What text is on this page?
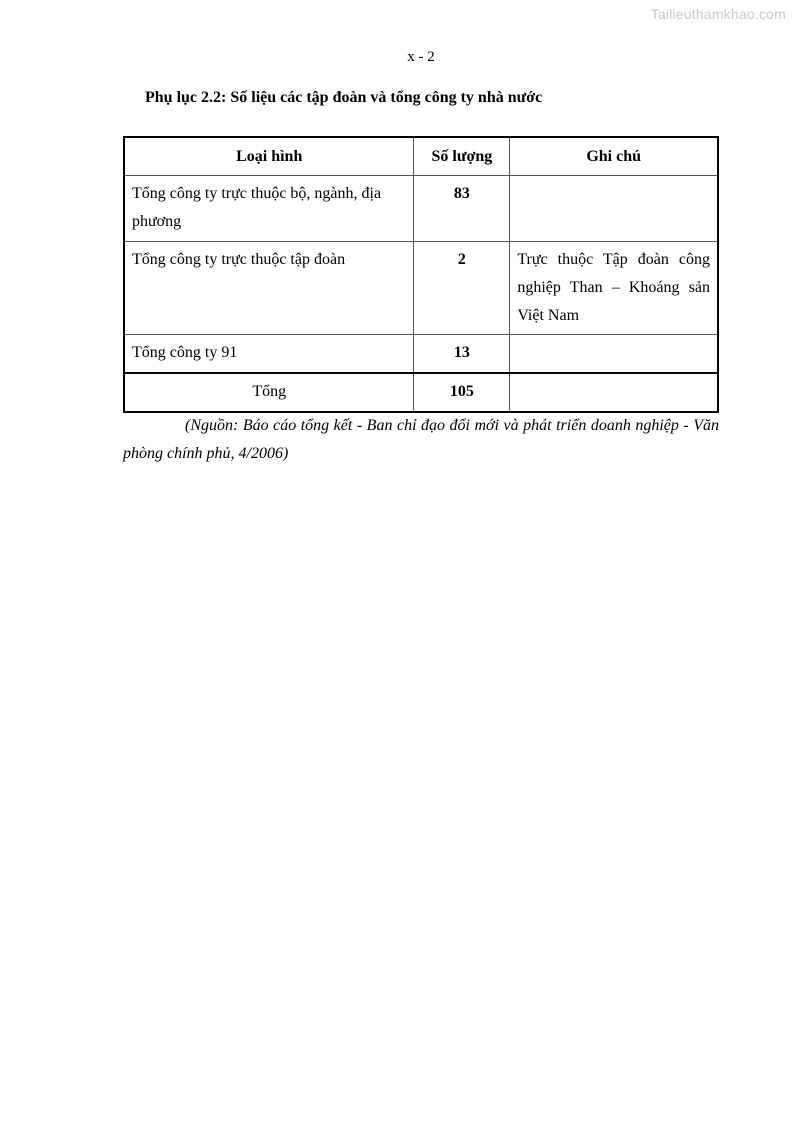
Tailieuthamkhao.com
x - 2
Phụ lục 2.2: Số liệu các tập đoàn và tổng công ty nhà nước
Loại hình	Số lượng	Ghi chú
Tổng công ty trực thuộc bộ, ngành, địa phương	83	
Tổng công ty trực thuộc tập đoàn	2	Trực thuộc Tập đoàn công nghiệp Than – Khoáng sản Việt Nam
Tổng công ty 91	13	
Tổng	105	
(Nguồn: Báo cáo tổng kết - Ban chỉ đạo đổi mới và phát triển doanh nghiệp - Văn phòng chính phủ, 4/2006)
